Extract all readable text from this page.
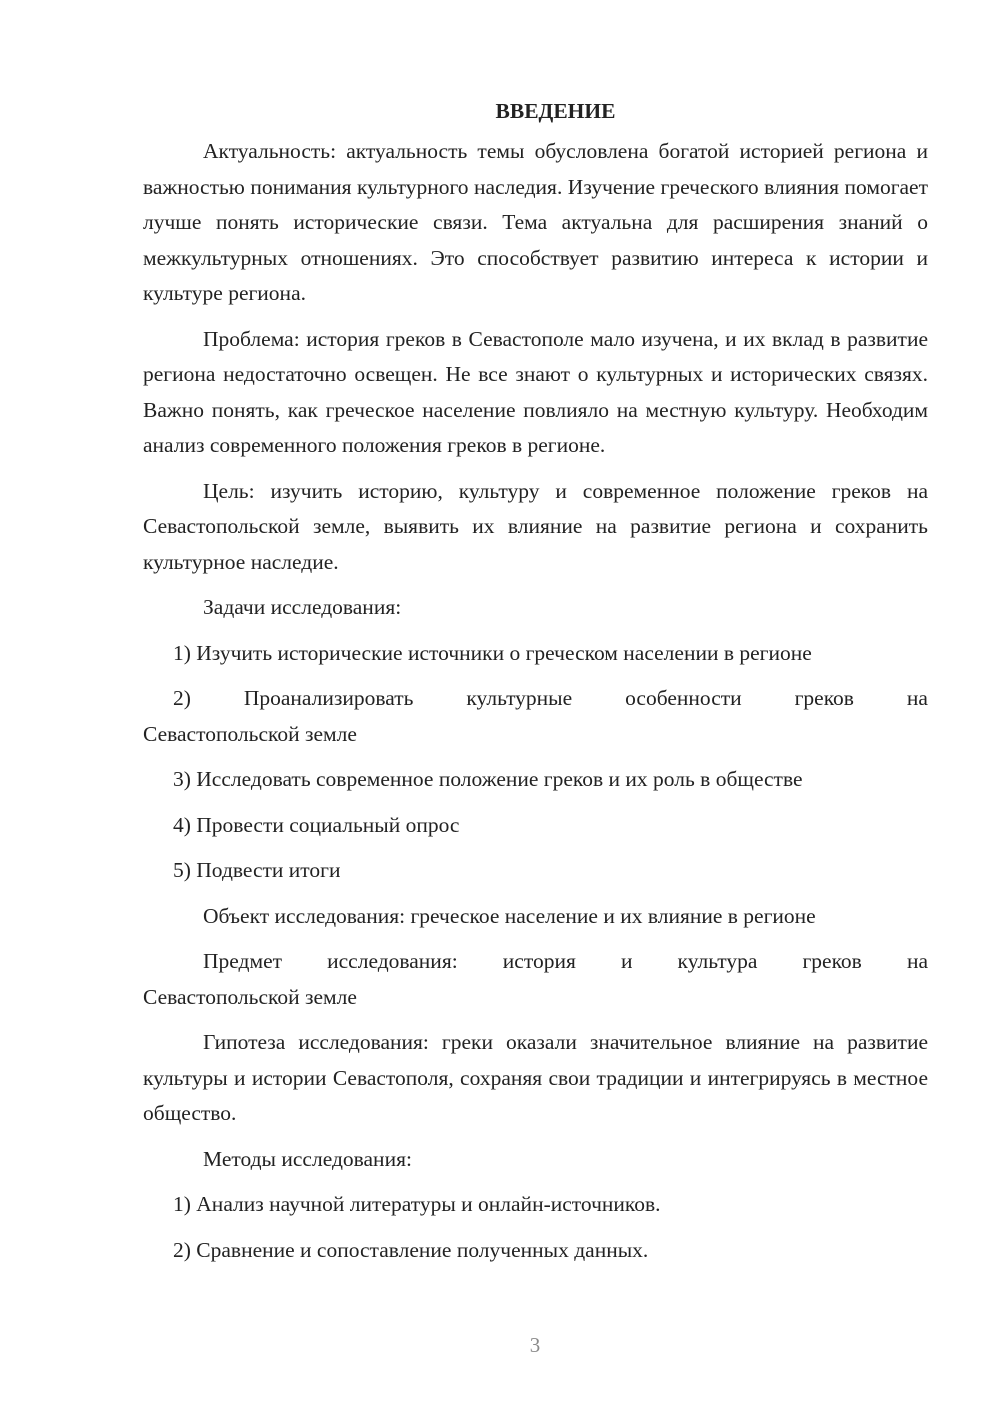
ВВЕДЕНИЕ

Актуальность: актуальность темы обусловлена богатой историей региона и важностью понимания культурного наследия. Изучение греческого влияния помогает лучше понять исторические связи. Тема актуальна для расширения знаний о межкультурных отношениях. Это способствует развитию интереса к истории и культуре региона.

Проблема: история греков в Севастополе мало изучена, и их вклад в развитие региона недостаточно освещен. Не все знают о культурных и исторических связях. Важно понять, как греческое население повлияло на местную культуру. Необходим анализ современного положения греков в регионе.

Цель: изучить историю, культуру и современное положение греков на Севастопольской земле, выявить их влияние на развитие региона и сохранить культурное наследие.

Задачи исследования:

1) Изучить исторические источники о греческом населении в регионе

2) Проанализировать культурные особенности греков на
Севастопольской земле

3) Исследовать современное положение греков и их роль в обществе

4) Провести социальный опрос

5) Подвести итоги

Объект исследования: греческое население и их влияние в регионе

Предмет исследования: история и культура греков на
Севастопольской земле

Гипотеза исследования: греки оказали значительное влияние на развитие культуры и истории Севастополя, сохраняя свои традиции и интегрируясь в местное общество.

Методы исследования:

1) Анализ научной литературы и онлайн-источников.

2) Сравнение и сопоставление полученных данных.

3
